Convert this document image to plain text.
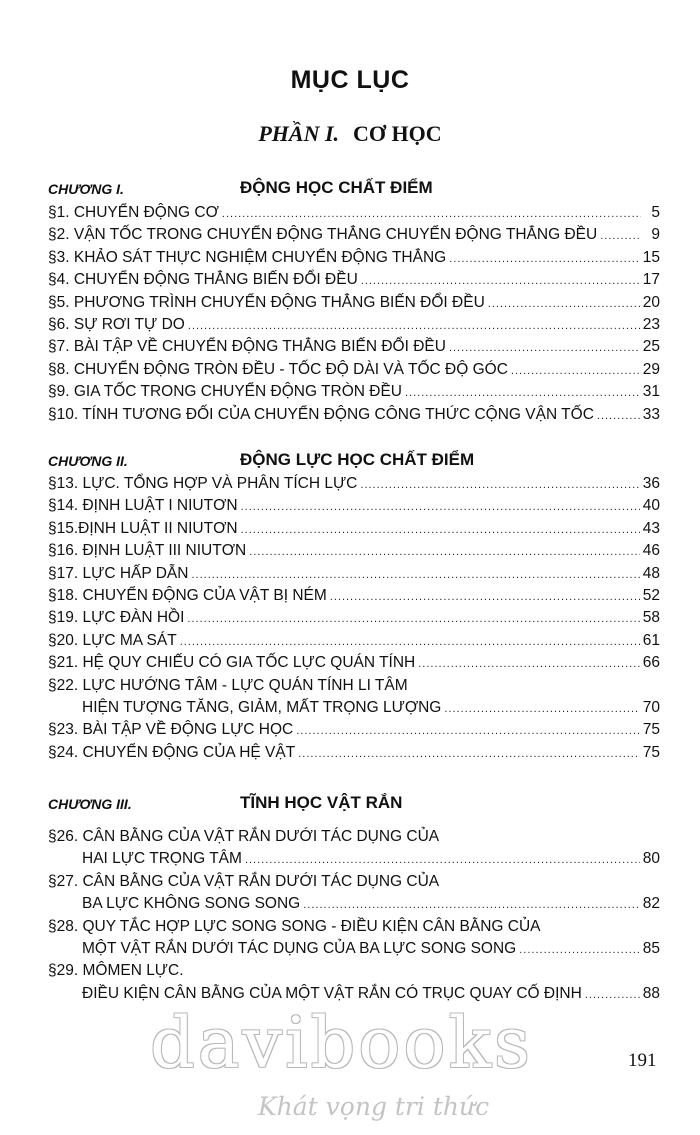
MỤC LỤC
PHẦN I. CƠ HỌC
CHƯƠNG I.	ĐỘNG HỌC CHẤT ĐIỂM
§1. CHUYỂN ĐỘNG CƠ .....	5
§2. VẬN TỐC TRONG CHUYỂN ĐỘNG THẲNG CHUYỂN ĐỘNG THẲNG ĐỀU .....	9
§3. KHẢO SÁT THỰC NGHIỆM CHUYỂN ĐỘNG THẲNG .....	15
§4. CHUYỂN ĐỘNG THẲNG BIẾN ĐỔI ĐỀU .....	17
§5. PHƯƠNG TRÌNH CHUYỂN ĐỘNG THẲNG BIẾN ĐỔI ĐỀU .....	20
§6. SỰ RƠI TỰ DO .....	23
§7. BÀI TẬP VỀ CHUYỂN ĐỘNG THẲNG BIẾN ĐỔI ĐỀU .....	25
§8. CHUYỂN ĐỘNG TRÒN ĐỀU - TỐC ĐỘ DÀI VÀ TỐC ĐỘ GÓC .....	29
§9. GIA TỐC TRONG CHUYỂN ĐỘNG TRÒN ĐỀU .....	31
§10. TÍNH TƯƠNG ĐỐI CỦA CHUYỂN ĐỘNG CÔNG THỨC CỘNG VẬN TỐC .....	33
CHƯƠNG II.	ĐỘNG LỰC HỌC CHẤT ĐIỂM
§13. LỰC. TỔNG HỢP VÀ PHÂN TÍCH LỰC .....	36
§14. ĐỊNH LUẬT I NIUTƠN .....	40
§15.ĐỊNH LUẬT II NIUTƠN .....	43
§16. ĐỊNH LUẬT III NIUTƠN .....	46
§17. LỰC HẤP DẪN .....	48
§18. CHUYỂN ĐỘNG CỦA VẬT BỊ NÉM .....	52
§19. LỰC ĐÀN HỒI .....	58
§20. LỰC MA SÁT .....	61
§21. HỆ QUY CHIẾU CÓ GIA TỐC LỰC QUÁN TÍNH .....	66
§22. LỰC HƯỚNG TÂM - LỰC QUÁN TÍNH LI TÂM
HIỆN TƯỢNG TĂNG, GIẢM, MẤT TRỌNG LƯỢNG .....	70
§23. BÀI TẬP VỀ ĐỘNG LỰC HỌC .....	75
§24. CHUYỂN ĐỘNG CỦA HỆ VẬT .....	75
CHƯƠNG III.	TĨNH HỌC VẬT RẮN
§26. CÂN BẰNG CỦA VẬT RẮN DƯỚI TÁC DỤNG CỦA
HAI LỰC TRỌNG TÂM .....	80
§27. CÂN BẰNG CỦA VẬT RẮN DƯỚI TÁC DỤNG CỦA
BA LỰC KHÔNG SONG SONG .....	82
§28. QUY TẮC HỢP LỰC SONG SONG - ĐIỀU KIỆN CÂN BẰNG CỦA
MỘT VẬT RẮN DƯỚI TÁC DỤNG CỦA BA LỰC SONG SONG .....	85
§29. MÔMEN LỰC.
ĐIỀU KIỆN CÂN BẰNG CỦA MỘT VẬT RẮN CÓ TRỤC QUAY CỐ ĐỊNH .....	88
davibooks
Khát vọng tri thức
191
